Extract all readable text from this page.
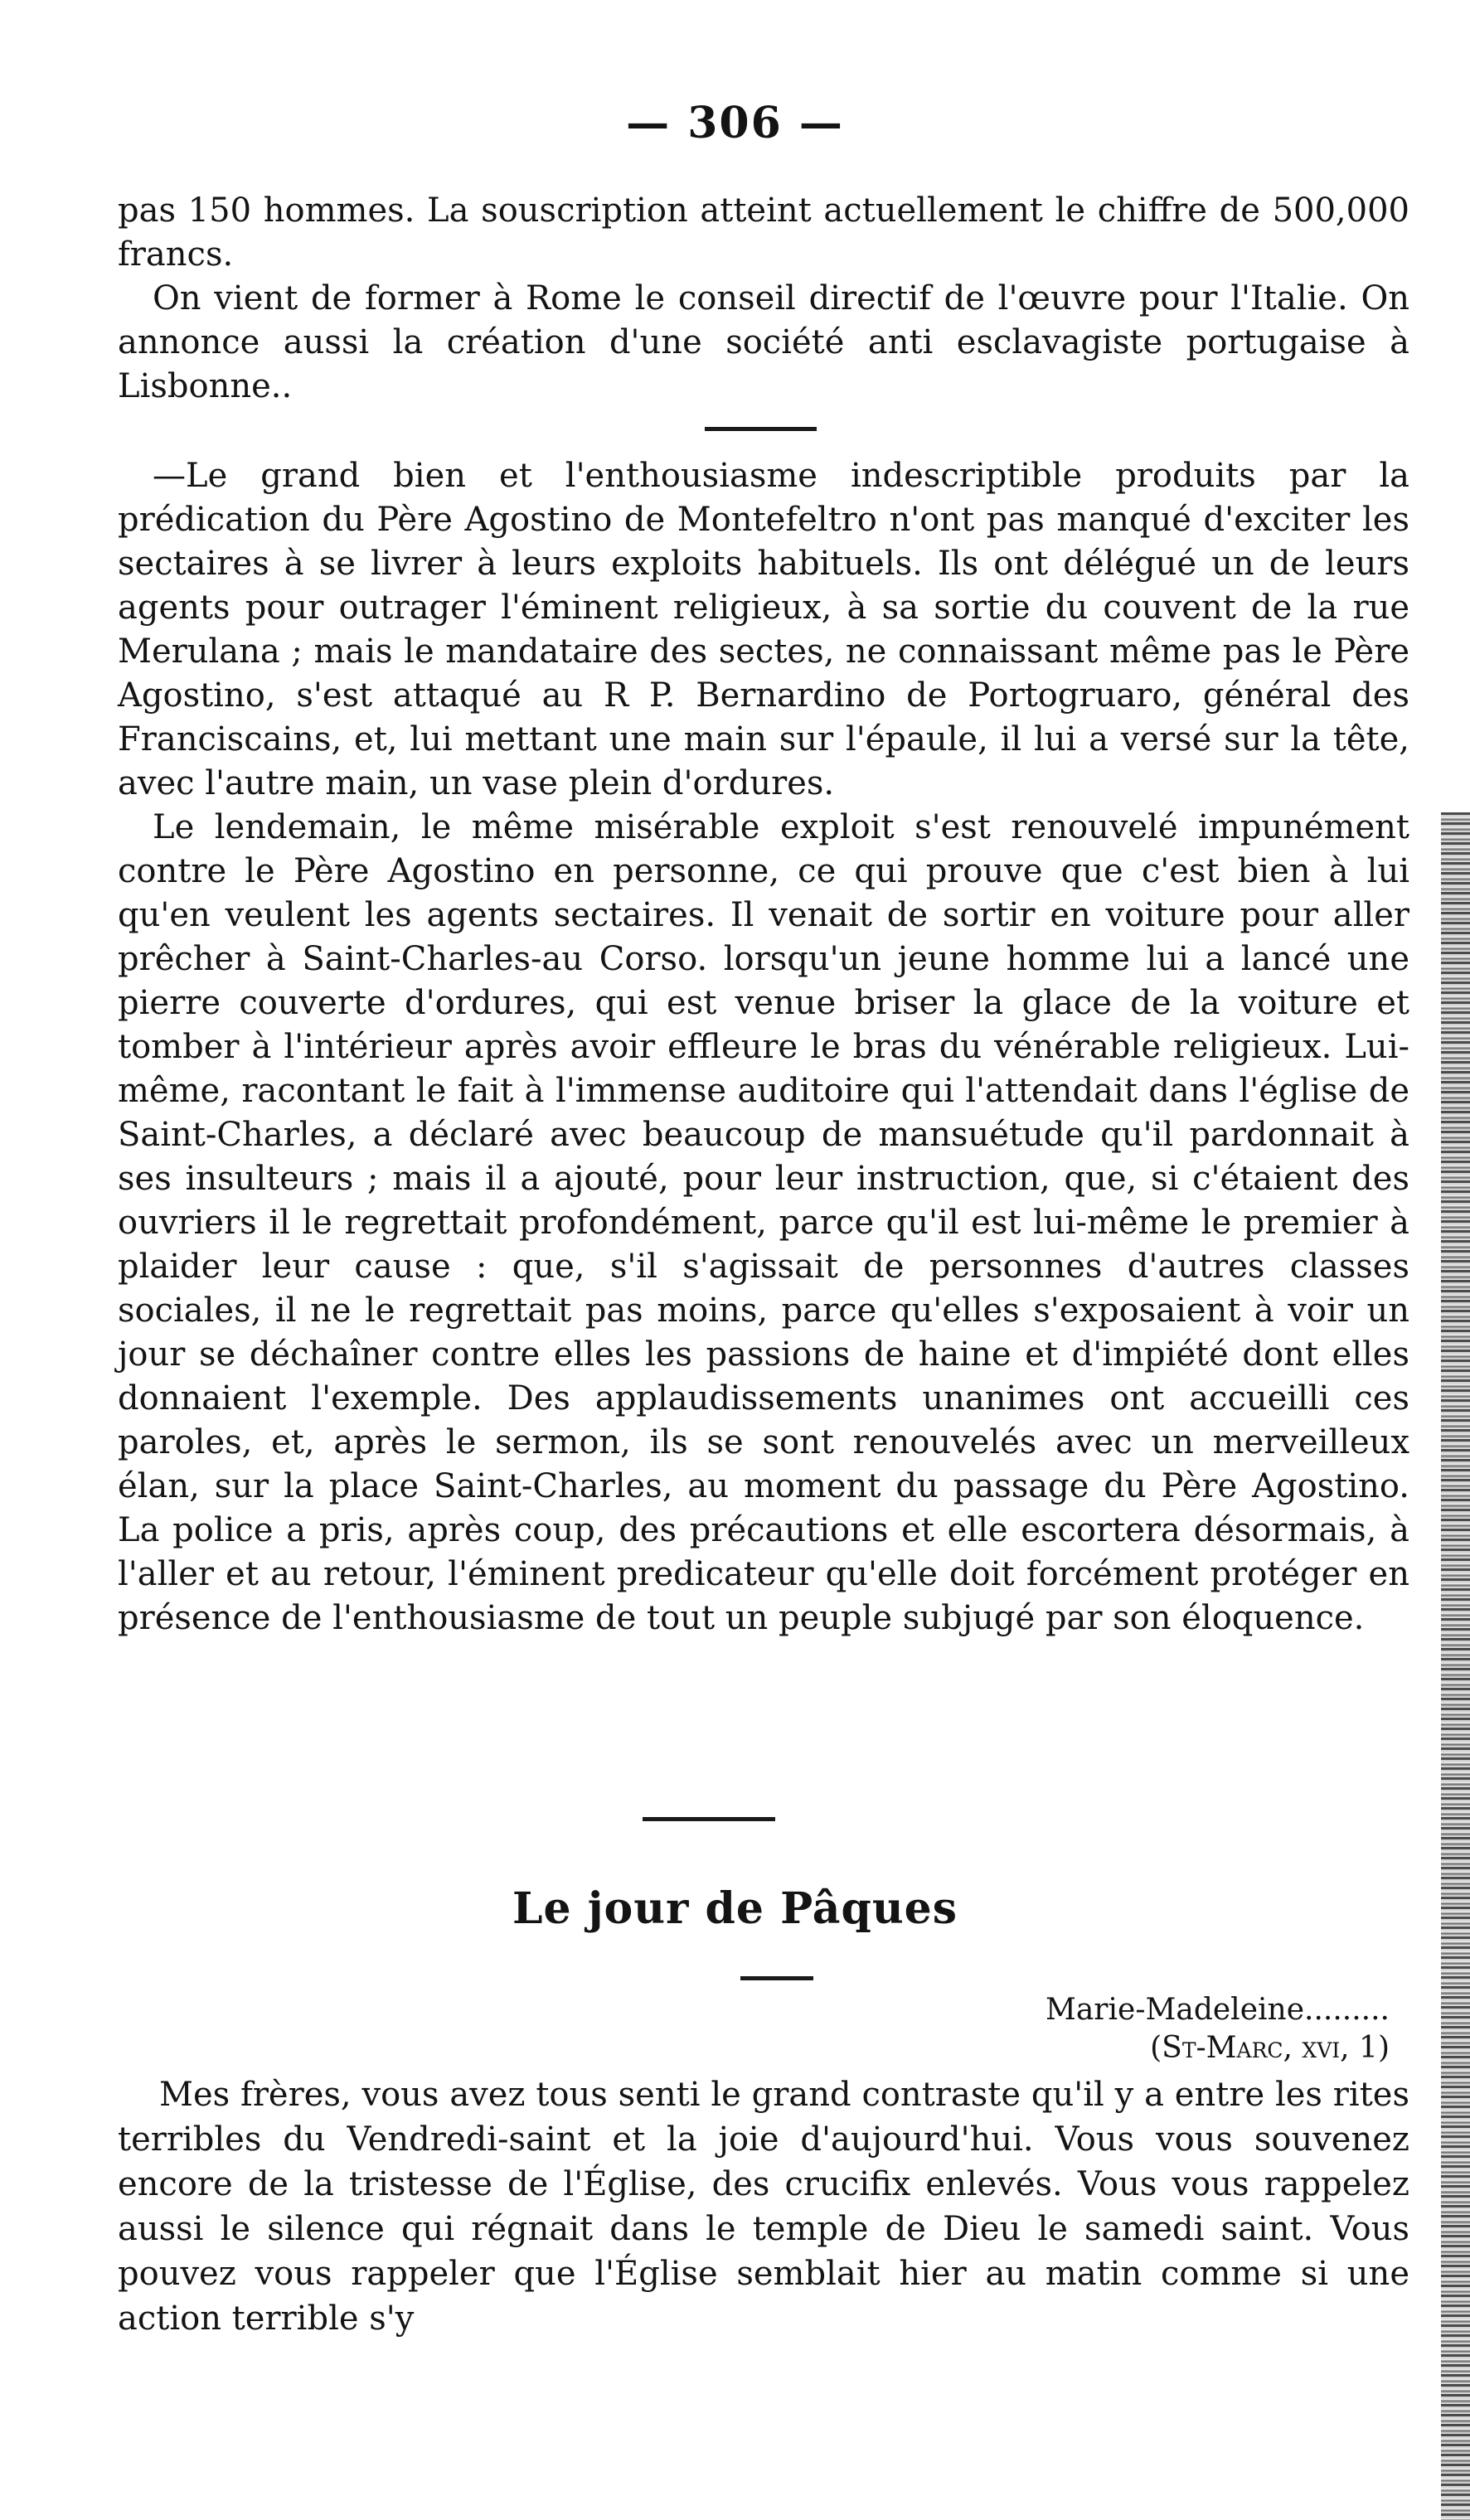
— 306 —

pas 150 hommes. La souscription atteint actuellement le chiffre de 500,000 francs.

On vient de former à Rome le conseil directif de l'œuvre pour l'Italie. On annonce aussi la création d'une société anti esclavagiste portugaise à Lisbonne..

—Le grand bien et l'enthousiasme indescriptible produits par la prédication du Père Agostino de Montefeltro n'ont pas manqué d'exciter les sectaires à se livrer à leurs exploits habituels. Ils ont délégué un de leurs agents pour outrager l'éminent religieux, à sa sortie du couvent de la rue Merulana ; mais le mandataire des sectes, ne connaissant même pas le Père Agostino, s'est attaqué au R P. Bernardino de Portogruaro, général des Franciscains, et, lui mettant une main sur l'épaule, il lui a versé sur la tête, avec l'autre main, un vase plein d'ordures.

Le lendemain, le même misérable exploit s'est renouvelé impunément contre le Père Agostino en personne, ce qui prouve que c'est bien à lui qu'en veulent les agents sectaires. Il venait de sortir en voiture pour aller prêcher à Saint-Charles-au Corso. lorsqu'un jeune homme lui a lancé une pierre couverte d'ordures, qui est venue briser la glace de la voiture et tomber à l'intérieur après avoir effleure le bras du vénérable religieux. Lui-même, racontant le fait à l'immense auditoire qui l'attendait dans l'église de Saint-Charles, a déclaré avec beaucoup de mansuétude qu'il pardonnait à ses insulteurs ; mais il a ajouté, pour leur instruction, que, si c'étaient des ouvriers il le regrettait profondément, parce qu'il est lui-même le premier à plaider leur cause : que, s'il s'agissait de personnes d'autres classes sociales, il ne le regrettait pas moins, parce qu'elles s'exposaient à voir un jour se déchaîner contre elles les passions de haine et d'impiété dont elles donnaient l'exemple. Des applaudissements unanimes ont accueilli ces paroles, et, après le sermon, ils se sont renouvelés avec un merveilleux élan, sur la place Saint-Charles, au moment du passage du Père Agostino. La police a pris, après coup, des précautions et elle escortera désormais, à l'aller et au retour, l'éminent predicateur qu'elle doit forcément protéger en présence de l'enthousiasme de tout un peuple subjugé par son éloquence.

Le jour de Pâques
Marie-Madeleine.........
(St-Marc, xvi, 1)

Mes frères, vous avez tous senti le grand contraste qu'il y a entre les rites terribles du Vendredi-saint et la joie d'aujourd'hui. Vous vous souvenez encore de la tristesse de l'Église, des crucifix enlevés. Vous vous rappelez aussi le silence qui régnait dans le temple de Dieu le samedi saint. Vous pouvez vous rappeler que l'Église semblait hier au matin comme si une action terrible s'y
